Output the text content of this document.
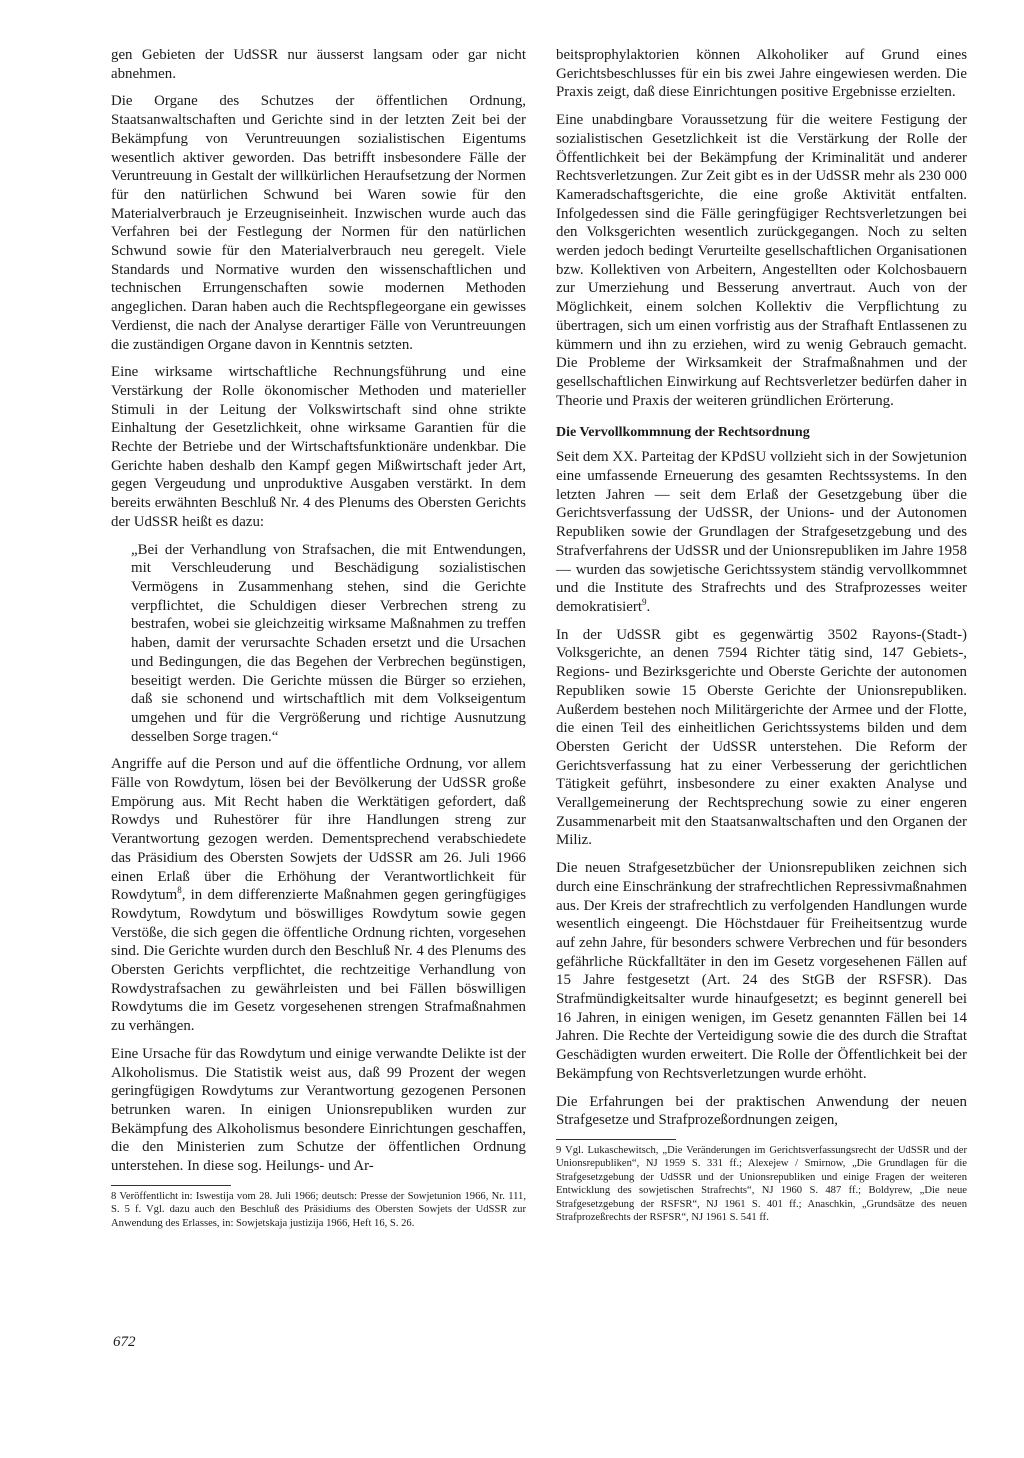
gen Gebieten der UdSSR nur äusserst langsam oder gar nicht abnehmen.

Die Organe des Schutzes der öffentlichen Ordnung, Staatsanwaltschaften und Gerichte sind in der letzten Zeit bei der Bekämpfung von Veruntreuungen sozialistischen Eigentums wesentlich aktiver geworden. Das betrifft insbesondere Fälle der Veruntreuung in Gestalt der willkürlichen Heraufsetzung der Normen für den natürlichen Schwund bei Waren sowie für den Materialverbrauch je Erzeugniseinheit. Inzwischen wurde auch das Verfahren bei der Festlegung der Normen für den natürlichen Schwund sowie für den Materialverbrauch neu geregelt. Viele Standards und Normative wurden den wissenschaftlichen und technischen Errungenschaften sowie modernen Methoden angeglichen. Daran haben auch die Rechtspflegeorgane ein gewisses Verdienst, die nach der Analyse derartiger Fälle von Veruntreuungen die zuständigen Organe davon in Kenntnis setzten.

Eine wirksame wirtschaftliche Rechnungsführung und eine Verstärkung der Rolle ökonomischer Methoden und materieller Stimuli in der Leitung der Volkswirtschaft sind ohne strikte Einhaltung der Gesetzlichkeit, ohne wirksame Garantien für die Rechte der Betriebe und der Wirtschaftsfunktionäre undenkbar. Die Gerichte haben deshalb den Kampf gegen Mißwirtschaft jeder Art, gegen Vergeudung und unproduktive Ausgaben verstärkt. In dem bereits erwähnten Beschluß Nr. 4 des Plenums des Obersten Gerichts der UdSSR heißt es dazu:

„Bei der Verhandlung von Strafsachen, die mit Entwendungen, mit Verschleuderung und Beschädigung sozialistischen Vermögens in Zusammenhang stehen, sind die Gerichte verpflichtet, die Schuldigen dieser Verbrechen streng zu bestrafen, wobei sie gleichzeitig wirksame Maßnahmen zu treffen haben, damit der verursachte Schaden ersetzt und die Ursachen und Bedingungen, die das Begehen der Verbrechen begünstigen, beseitigt werden. Die Gerichte müssen die Bürger so erziehen, daß sie schonend und wirtschaftlich mit dem Volkseigentum umgehen und für die Vergrößerung und richtige Ausnutzung desselben Sorge tragen.“

Angriffe auf die Person und auf die öffentliche Ordnung, vor allem Fälle von Rowdytum, lösen bei der Bevölkerung der UdSSR große Empörung aus. Mit Recht haben die Werktätigen gefordert, daß Rowdys und Ruhestörer für ihre Handlungen streng zur Verantwortung gezogen werden. Dementsprechend verabschiedete das Präsidium des Obersten Sowjets der UdSSR am 26. Juli 1966 einen Erlaß über die Erhöhung der Verantwortlichkeit für Rowdytum$^8$, in dem differenzierte Maßnahmen gegen geringfügiges Rowdytum, Rowdytum und böswilliges Rowdytum sowie gegen Verstöße, die sich gegen die öffentliche Ordnung richten, vorgesehen sind. Die Gerichte wurden durch den Beschluß Nr. 4 des Plenums des Obersten Gerichts verpflichtet, die rechtzeitige Verhandlung von Rowdystrafsachen zu gewährleisten und bei Fällen böswilligen Rowdytums die im Gesetz vorgesehenen strengen Strafmaßnahmen zu verhängen.

Eine Ursache für das Rowdytum und einige verwandte Delikte ist der Alkoholismus. Die Statistik weist aus, daß 99 Prozent der wegen geringfügigen Rowdytums zur Verantwortung gezogenen Personen betrunken waren. In einigen Unionsrepubliken wurden zur Bekämpfung des Alkoholismus besondere Einrichtungen geschaffen, die den Ministerien zum Schutze der öffentlichen Ordnung unterstehen. In diese sog. Heilungs- und Ar-

8 Veröffentlicht in: Iswestija vom 28. Juli 1966; deutsch: Presse der Sowjetunion 1966, Nr. 111, S. 5 f. Vgl. dazu auch den Beschluß des Präsidiums des Obersten Sowjets der UdSSR zur Anwendung des Erlasses, in: Sowjetskaja justizija 1966, Heft 16, S. 26.

beitsprophylaktorien können Alkoholiker auf Grund eines Gerichtsbeschlusses für ein bis zwei Jahre eingewiesen werden. Die Praxis zeigt, daß diese Einrichtungen positive Ergebnisse erzielten.

Eine unabdingbare Voraussetzung für die weitere Festigung der sozialistischen Gesetzlichkeit ist die Verstärkung der Rolle der Öffentlichkeit bei der Bekämpfung der Kriminalität und anderer Rechtsverletzungen. Zur Zeit gibt es in der UdSSR mehr als 230 000 Kameradschaftsgerichte, die eine große Aktivität entfalten. Infolgedessen sind die Fälle geringfügiger Rechtsverletzungen bei den Volksgerichten wesentlich zurückgegangen. Noch zu selten werden jedoch bedingt Verurteilte gesellschaftlichen Organisationen bzw. Kollektiven von Arbeitern, Angestellten oder Kolchosbauern zur Umerziehung und Besserung anvertraut. Auch von der Möglichkeit, einem solchen Kollektiv die Verpflichtung zu übertragen, sich um einen vorfristig aus der Strafhaft Entlassenen zu kümmern und ihn zu erziehen, wird zu wenig Gebrauch gemacht. Die Probleme der Wirksamkeit der Strafmaßnahmen und der gesellschaftlichen Einwirkung auf Rechtsverletzer bedürfen daher in Theorie und Praxis der weiteren gründlichen Erörterung.

Die Vervollkommnung der Rechtsordnung

Seit dem XX. Parteitag der KPdSU vollzieht sich in der Sowjetunion eine umfassende Erneuerung des gesamten Rechtssystems. In den letzten Jahren — seit dem Erlaß der Gesetzgebung über die Gerichtsverfassung der UdSSR, der Unions- und der Autonomen Republiken sowie der Grundlagen der Strafgesetzgebung und des Strafverfahrens der UdSSR und der Unionsrepubliken im Jahre 1958 — wurden das sowjetische Gerichtssystem ständig vervollkommnet und die Institute des Strafrechts und des Strafprozesses weiter demokratisiert$^9$.

In der UdSSR gibt es gegenwärtig 3502 Rayons-(Stadt-) Volksgerichte, an denen 7594 Richter tätig sind, 147 Gebiets-, Regions- und Bezirksgerichte und Oberste Gerichte der autonomen Republiken sowie 15 Oberste Gerichte der Unionsrepubliken. Außerdem bestehen noch Militärgerichte der Armee und der Flotte, die einen Teil des einheitlichen Gerichtssystems bilden und dem Obersten Gericht der UdSSR unterstehen. Die Reform der Gerichtsverfassung hat zu einer Verbesserung der gerichtlichen Tätigkeit geführt, insbesondere zu einer exakten Analyse und Verallgemeinerung der Rechtsprechung sowie zu einer engeren Zusammenarbeit mit den Staatsanwaltschaften und den Organen der Miliz.

Die neuen Strafgesetzbücher der Unionsrepubliken zeichnen sich durch eine Einschränkung der strafrechtlichen Repressivmaßnahmen aus. Der Kreis der strafrechtlich zu verfolgenden Handlungen wurde wesentlich eingeengt. Die Höchstdauer für Freiheitsentzug wurde auf zehn Jahre, für besonders schwere Verbrechen und für besonders gefährliche Rückfalltäter in den im Gesetz vorgesehenen Fällen auf 15 Jahre festgesetzt (Art. 24 des StGB der RSFSR). Das Strafmündigkeitsalter wurde hinaufgesetzt; es beginnt generell bei 16 Jahren, in einigen wenigen, im Gesetz genannten Fällen bei 14 Jahren. Die Rechte der Verteidigung sowie die des durch die Straftat Geschädigten wurden erweitert. Die Rolle der Öffentlichkeit bei der Bekämpfung von Rechtsverletzungen wurde erhöht.

Die Erfahrungen bei der praktischen Anwendung der neuen Strafgesetze und Strafprozeßordnungen zeigen,

9 Vgl. Lukaschewitsch, „Die Veränderungen im Gerichtsverfassungsrecht der UdSSR und der Unionsrepubliken“, NJ 1959 S. 331 ff.; Alexejew / Smirnow, „Die Grundlagen für die Strafgesetzgebung der UdSSR und der Unionsrepubliken und einige Fragen der weiteren Entwicklung des sowjetischen Strafrechts“, NJ 1960 S. 487 ff.; Boldyrew, „Die neue Strafgesetzgebung der RSFSR“, NJ 1961 S. 401 ff.; Anaschkin, „Grundsätze des neuen Strafprozeßrechts der RSFSR“, NJ 1961 S. 541 ff.

672
